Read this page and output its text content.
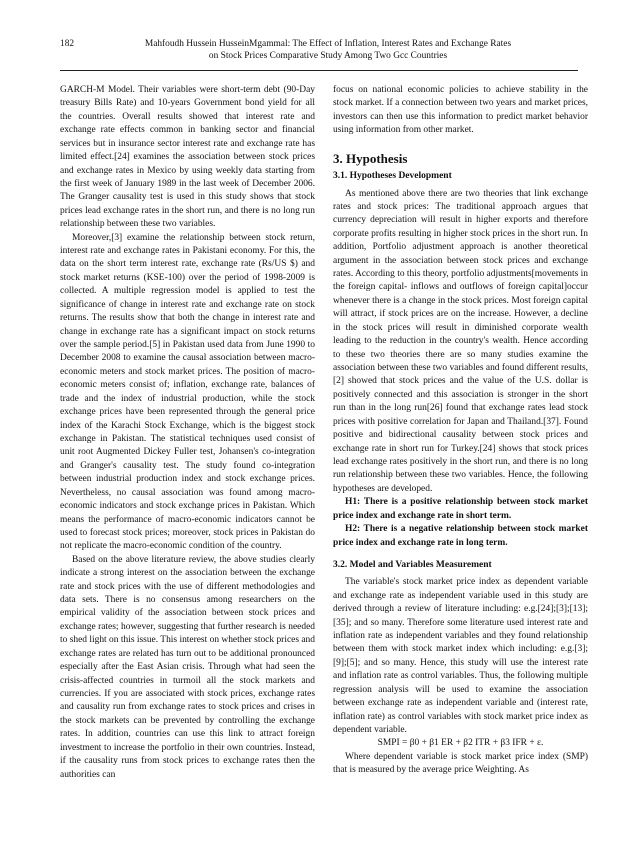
182	Mahfoudh Hussein HusseinMgammal: The Effect of Inflation, Interest Rates and Exchange Rates
on Stock Prices Comparative Study Among Two Gcc Countries

GARCH-M Model. Their variables were short-term debt (90-Day treasury Bills Rate) and 10-years Government bond yield for all the countries. Overall results showed that interest rate and exchange rate effects common in banking sector and financial services but in insurance sector interest rate and exchange rate has limited effect.[24] examines the association between stock prices and exchange rates in Mexico by using weekly data starting from the first week of January 1989 in the last week of December 2006. The Granger causality test is used in this study shows that stock prices lead exchange rates in the short run, and there is no long run relationship between these two variables.

Moreover,[3] examine the relationship between stock return, interest rate and exchange rates in Pakistani economy. For this, the data on the short term interest rate, exchange rate (Rs/US $) and stock market returns (KSE-100) over the period of 1998-2009 is collected. A multiple regression model is applied to test the significance of change in interest rate and exchange rate on stock returns. The results show that both the change in interest rate and change in exchange rate has a significant impact on stock returns over the sample period.[5] in Pakistan used data from June 1990 to December 2008 to examine the causal association between macro-economic meters and stock market prices. The position of macro-economic meters consist of; inflation, exchange rate, balances of trade and the index of industrial production, while the stock exchange prices have been represented through the general price index of the Karachi Stock Exchange, which is the biggest stock exchange in Pakistan. The statistical techniques used consist of unit root Augmented Dickey Fuller test, Johansen's co-integration and Granger's causality test. The study found co-integration between industrial production index and stock exchange prices. Nevertheless, no causal association was found among macro-economic indicators and stock exchange prices in Pakistan. Which means the performance of macro-economic indicators cannot be used to forecast stock prices; moreover, stock prices in Pakistan do not replicate the macro-economic condition of the country.

Based on the above literature review, the above studies clearly indicate a strong interest on the association between the exchange rate and stock prices with the use of different methodologies and data sets. There is no consensus among researchers on the empirical validity of the association between stock prices and exchange rates; however, suggesting that further research is needed to shed light on this issue. This interest on whether stock prices and exchange rates are related has turn out to be additional pronounced especially after the East Asian crisis. Through what had seen the crisis-affected countries in turmoil all the stock markets and currencies. If you are associated with stock prices, exchange rates and causality run from exchange rates to stock prices and crises in the stock markets can be prevented by controlling the exchange rates. In addition, countries can use this link to attract foreign investment to increase the portfolio in their own countries. Instead, if the causality runs from stock prices to exchange rates then the authorities can

focus on national economic policies to achieve stability in the stock market. If a connection between two years and market prices, investors can then use this information to predict market behavior using information from other market.

3. Hypothesis
3.1. Hypotheses Development

As mentioned above there are two theories that link exchange rates and stock prices: The traditional approach argues that currency depreciation will result in higher exports and therefore corporate profits resulting in higher stock prices in the short run. In addition, Portfolio adjustment approach is another theoretical argument in the association between stock prices and exchange rates. According to this theory, portfolio adjustments[movements in the foreign capital- inflows and outflows of foreign capital]occur whenever there is a change in the stock prices. Most foreign capital will attract, if stock prices are on the increase. However, a decline in the stock prices will result in diminished corporate wealth leading to the reduction in the country's wealth. Hence according to these two theories there are so many studies examine the association between these two variables and found different results,[2] showed that stock prices and the value of the U.S. dollar is positively connected and this association is stronger in the short run than in the long run[26] found that exchange rates lead stock prices with positive correlation for Japan and Thailand.[37]. Found positive and bidirectional causality between stock prices and exchange rate in short run for Turkey.[24] shows that stock prices lead exchange rates positively in the short run, and there is no long run relationship between these two variables. Hence, the following hypotheses are developed.

H1: There is a positive relationship between stock market price index and exchange rate in short term.

H2: There is a negative relationship between stock market price index and exchange rate in long term.

3.2. Model and Variables Measurement

The variable's stock market price index as dependent variable and exchange rate as independent variable used in this study are derived through a review of literature including: e.g.[24];[3];[13];[35]; and so many. Therefore some literature used interest rate and inflation rate as independent variables and they found relationship between them with stock market index which including: e.g.[3];[9];[5]; and so many. Hence, this study will use the interest rate and inflation rate as control variables. Thus, the following multiple regression analysis will be used to examine the association between exchange rate as independent variable and (interest rate, inflation rate) as control variables with stock market price index as dependent variable.

SMPI = β0 + β1 ER + β2 ITR + β3 IFR + ε.

Where dependent variable is stock market price index (SMP) that is measured by the average price Weighting. As
